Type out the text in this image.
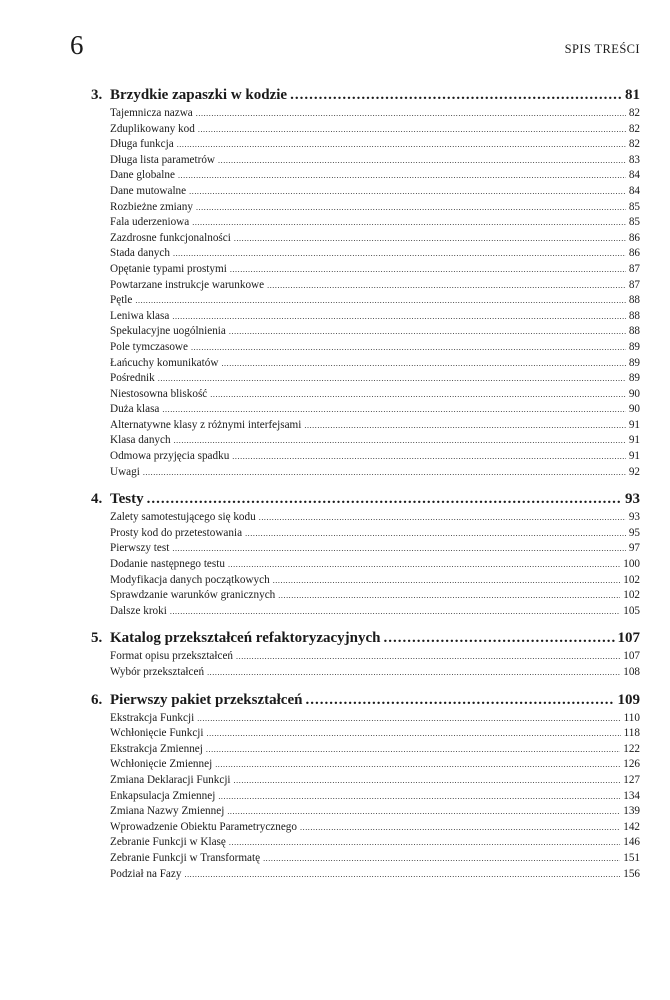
6	SPIS TREŚCI
3. Brzydkie zapaszki w kodzie .....	81
Tajemnicza nazwa .....	82
Zduplikowany kod .....	82
Długa funkcja .....	82
Długa lista parametrów .....	83
Dane globalne .....	84
Dane mutowalne .....	84
Rozbieżne zmiany .....	85
Fala uderzeniowa .....	85
Zazdrosne funkcjonalności .....	86
Stada danych .....	86
Opętanie typami prostymi .....	87
Powtarzane instrukcje warunkowe .....	87
Pętle .....	88
Leniwa klasa .....	88
Spekulacyjne uogólnienia .....	88
Pole tymczasowe .....	89
Łańcuchy komunikatów .....	89
Pośrednik .....	89
Niestosowna bliskość .....	90
Duża klasa .....	90
Alternatywne klasy z różnymi interfejsami .....	91
Klasa danych .....	91
Odmowa przyjęcia spadku .....	91
Uwagi .....	92
4. Testy .....	93
Zalety samotestującego się kodu .....	93
Prosty kod do przetestowania .....	95
Pierwszy test .....	97
Dodanie następnego testu .....	100
Modyfikacja danych początkowych .....	102
Sprawdzanie warunków granicznych .....	102
Dalsze kroki .....	105
5. Katalog przekształceń refaktoryzacyjnych .....	107
Format opisu przekształceń .....	107
Wybór przekształceń .....	108
6. Pierwszy pakiet przekształceń .....	109
Ekstrakcja Funkcji .....	110
Wchłonięcie Funkcji .....	118
Ekstrakcja Zmiennej .....	122
Wchłonięcie Zmiennej .....	126
Zmiana Deklaracji Funkcji .....	127
Enkapsulacja Zmiennej .....	134
Zmiana Nazwy Zmiennej .....	139
Wprowadzenie Obiektu Parametrycznego .....	142
Zebranie Funkcji w Klasę .....	146
Zebranie Funkcji w Transformatę .....	151
Podział na Fazy .....	156
